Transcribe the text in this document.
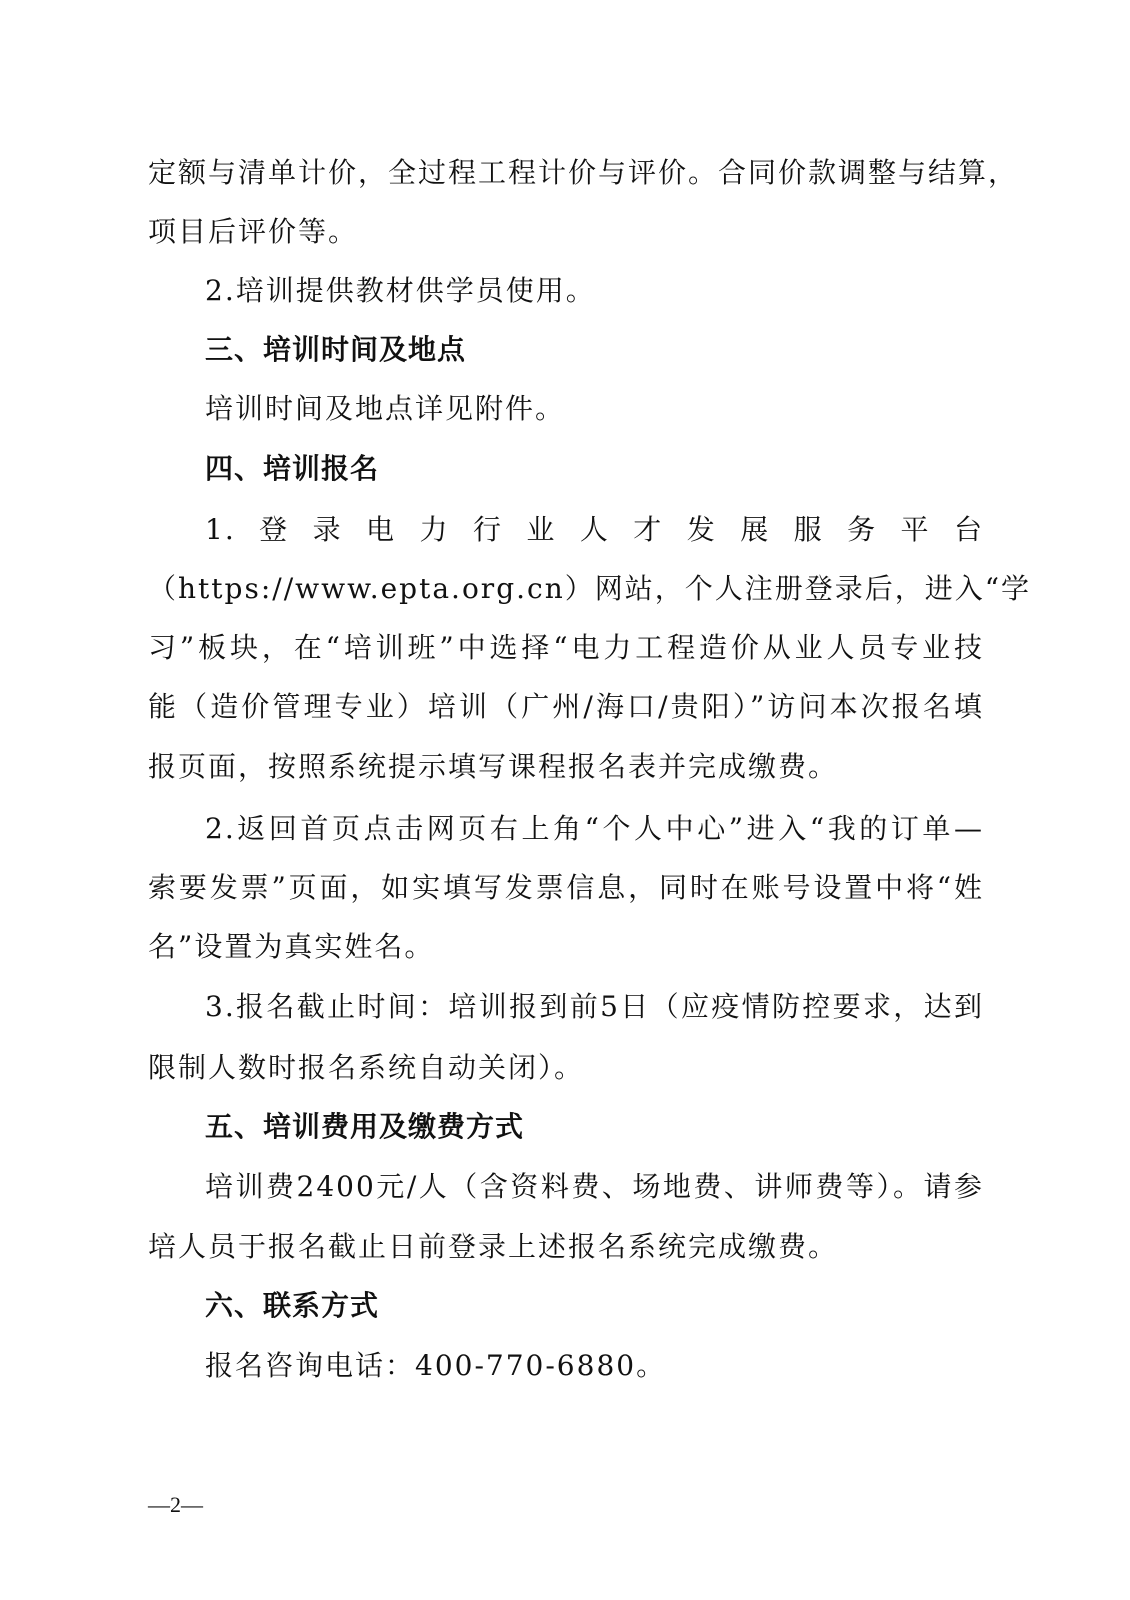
定额与清单计价，全过程工程计价与评价。合同价款调整与结算，
项目后评价等。
2.培训提供教材供学员使用。
三、培训时间及地点
培训时间及地点详见附件。
四、培训报名
1.登录电力行业人才发展服务平台
（https://www.epta.org.cn）网站，个人注册登录后，进入“学
习”板块，在“培训班”中选择“电力工程造价从业人员专业技
能（造价管理专业）培训（广州/海口/贵阳）”访问本次报名填
报页面，按照系统提示填写课程报名表并完成缴费。
2.返回首页点击网页右上角“个人中心”进入“我的订单—
索要发票”页面，如实填写发票信息，同时在账号设置中将“姓
名”设置为真实姓名。
3.报名截止时间：培训报到前5日（应疫情防控要求，达到
限制人数时报名系统自动关闭）。
五、培训费用及缴费方式
培训费2400元/人（含资料费、场地费、讲师费等）。请参
培人员于报名截止日前登录上述报名系统完成缴费。
六、联系方式
报名咨询电话：400-770-6880。
—2—
